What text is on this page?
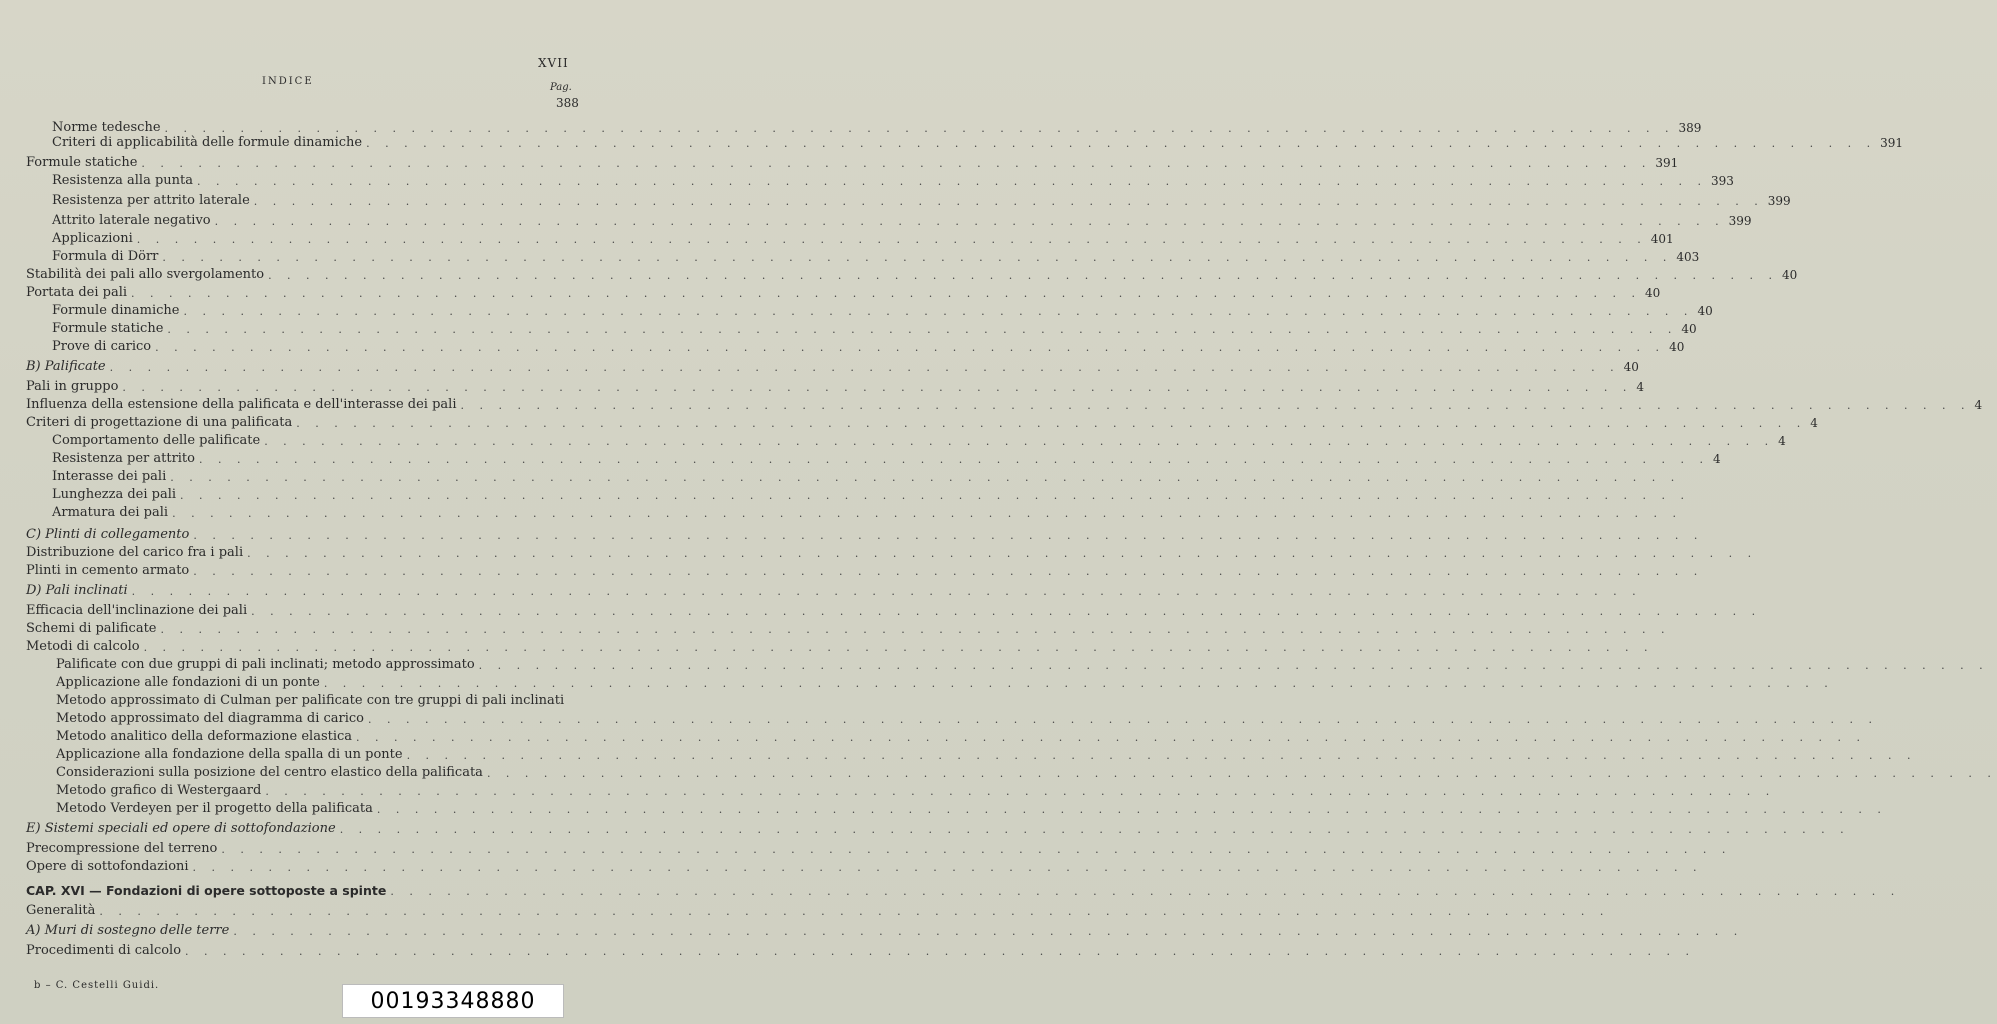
XVII
INDICE
Pag.
388
Norme tedesche . . . . . . . . . . . . . . . . . . . . . . . . . . . . . . . . . . . . . . . . . . . . . . . . . . . . . . . . . . . . . . . . . . . . . . . . . . . . . . . . 389
Criteri di applicabilità delle formule dinamiche . . . . . . . . . . . . . . . . . . . . . . . . . . . . . . . . . . . . . . . . . . . . . . . . . . . . . . . . . . . . . . . . . . . . . . . . . . . . . . . . 391
Formule statiche . . . . . . . . . . . . . . . . . . . . . . . . . . . . . . . . . . . . . . . . . . . . . . . . . . . . . . . . . . . . . . . . . . . . . . . . . . . . . . . . 391
Resistenza alla punta . . . . . . . . . . . . . . . . . . . . . . . . . . . . . . . . . . . . . . . . . . . . . . . . . . . . . . . . . . . . . . . . . . . . . . . . . . . . . . . . 393
Resistenza per attrito laterale . . . . . . . . . . . . . . . . . . . . . . . . . . . . . . . . . . . . . . . . . . . . . . . . . . . . . . . . . . . . . . . . . . . . . . . . . . . . . . . . 399
Attrito laterale negativo . . . . . . . . . . . . . . . . . . . . . . . . . . . . . . . . . . . . . . . . . . . . . . . . . . . . . . . . . . . . . . . . . . . . . . . . . . . . . . . . 399
Applicazioni . . . . . . . . . . . . . . . . . . . . . . . . . . . . . . . . . . . . . . . . . . . . . . . . . . . . . . . . . . . . . . . . . . . . . . . . . . . . . . . . 401
Formula di Dörr . . . . . . . . . . . . . . . . . . . . . . . . . . . . . . . . . . . . . . . . . . . . . . . . . . . . . . . . . . . . . . . . . . . . . . . . . . . . . . . . 403
Stabilità dei pali allo svergolamento . . . . . . . . . . . . . . . . . . . . . . . . . . . . . . . . . . . . . . . . . . . . . . . . . . . . . . . . . . . . . . . . . . . . . . . . . . . . . . . . 40
Portata dei pali . . . . . . . . . . . . . . . . . . . . . . . . . . . . . . . . . . . . . . . . . . . . . . . . . . . . . . . . . . . . . . . . . . . . . . . . . . . . . . . . 40
Formule dinamiche . . . . . . . . . . . . . . . . . . . . . . . . . . . . . . . . . . . . . . . . . . . . . . . . . . . . . . . . . . . . . . . . . . . . . . . . . . . . . . . . 40
Formule statiche . . . . . . . . . . . . . . . . . . . . . . . . . . . . . . . . . . . . . . . . . . . . . . . . . . . . . . . . . . . . . . . . . . . . . . . . . . . . . . . . 40
Prove di carico . . . . . . . . . . . . . . . . . . . . . . . . . . . . . . . . . . . . . . . . . . . . . . . . . . . . . . . . . . . . . . . . . . . . . . . . . . . . . . . . 40
B) Palificate . . . . . . . . . . . . . . . . . . . . . . . . . . . . . . . . . . . . . . . . . . . . . . . . . . . . . . . . . . . . . . . . . . . . . . . . . . . . . . . . 40
Pali in gruppo . . . . . . . . . . . . . . . . . . . . . . . . . . . . . . . . . . . . . . . . . . . . . . . . . . . . . . . . . . . . . . . . . . . . . . . . . . . . . . . . 4
Influenza della estensione della palificata e dell'interasse dei pali . . . . . . . . . . . . . . . . . . . . . . . . . . . . . . . . . . . . . . . . . . . . . . . . . . . . . . . . . . . . . . . . . . . . . . . . . . . . . . . . 4
Criteri di progettazione di una palificata . . . . . . . . . . . . . . . . . . . . . . . . . . . . . . . . . . . . . . . . . . . . . . . . . . . . . . . . . . . . . . . . . . . . . . . . . . . . . . . . 4
Comportamento delle palificate . . . . . . . . . . . . . . . . . . . . . . . . . . . . . . . . . . . . . . . . . . . . . . . . . . . . . . . . . . . . . . . . . . . . . . . . . . . . . . . . 4
Resistenza per attrito . . . . . . . . . . . . . . . . . . . . . . . . . . . . . . . . . . . . . . . . . . . . . . . . . . . . . . . . . . . . . . . . . . . . . . . . . . . . . . . . 4
Interasse dei pali . . . . . . . . . . . . . . . . . . . . . . . . . . . . . . . . . . . . . . . . . . . . . . . . . . . . . . . . . . . . . . . . . . . . . . . . . . . . . . . .
Lunghezza dei pali . . . . . . . . . . . . . . . . . . . . . . . . . . . . . . . . . . . . . . . . . . . . . . . . . . . . . . . . . . . . . . . . . . . . . . . . . . . . . . . .
Armatura dei pali . . . . . . . . . . . . . . . . . . . . . . . . . . . . . . . . . . . . . . . . . . . . . . . . . . . . . . . . . . . . . . . . . . . . . . . . . . . . . . . .
C) Plinti di collegamento . . . . . . . . . . . . . . . . . . . . . . . . . . . . . . . . . . . . . . . . . . . . . . . . . . . . . . . . . . . . . . . . . . . . . . . . . . . . . . . .
Distribuzione del carico fra i pali . . . . . . . . . . . . . . . . . . . . . . . . . . . . . . . . . . . . . . . . . . . . . . . . . . . . . . . . . . . . . . . . . . . . . . . . . . . . . . . .
Plinti in cemento armato . . . . . . . . . . . . . . . . . . . . . . . . . . . . . . . . . . . . . . . . . . . . . . . . . . . . . . . . . . . . . . . . . . . . . . . . . . . . . . . .
D) Pali inclinati . . . . . . . . . . . . . . . . . . . . . . . . . . . . . . . . . . . . . . . . . . . . . . . . . . . . . . . . . . . . . . . . . . . . . . . . . . . . . . . .
Efficacia dell'inclinazione dei pali . . . . . . . . . . . . . . . . . . . . . . . . . . . . . . . . . . . . . . . . . . . . . . . . . . . . . . . . . . . . . . . . . . . . . . . . . . . . . . . .
Schemi di palificate . . . . . . . . . . . . . . . . . . . . . . . . . . . . . . . . . . . . . . . . . . . . . . . . . . . . . . . . . . . . . . . . . . . . . . . . . . . . . . . .
Metodi di calcolo . . . . . . . . . . . . . . . . . . . . . . . . . . . . . . . . . . . . . . . . . . . . . . . . . . . . . . . . . . . . . . . . . . . . . . . . . . . . . . . .
Palificate con due gruppi di pali inclinati; metodo approssimato . . . . . . . . . . . . . . . . . . . . . . . . . . . . . . . . . . . . . . . . . . . . . . . . . . . . . . . . . . . . . . . . . . . . . . . . . . . . . . . .
Applicazione alle fondazioni di un ponte . . . . . . . . . . . . . . . . . . . . . . . . . . . . . . . . . . . . . . . . . . . . . . . . . . . . . . . . . . . . . . . . . . . . . . . . . . . . . . . .
Metodo approssimato di Culman per palificate con tre gruppi di pali inclinati
Metodo approssimato del diagramma di carico . . . . . . . . . . . . . . . . . . . . . . . . . . . . . . . . . . . . . . . . . . . . . . . . . . . . . . . . . . . . . . . . . . . . . . . . . . . . . . . .
Metodo analitico della deformazione elastica . . . . . . . . . . . . . . . . . . . . . . . . . . . . . . . . . . . . . . . . . . . . . . . . . . . . . . . . . . . . . . . . . . . . . . . . . . . . . . . .
Applicazione alla fondazione della spalla di un ponte . . . . . . . . . . . . . . . . . . . . . . . . . . . . . . . . . . . . . . . . . . . . . . . . . . . . . . . . . . . . . . . . . . . . . . . . . . . . . . . .
Considerazioni sulla posizione del centro elastico della palificata . . . . . . . . . . . . . . . . . . . . . . . . . . . . . . . . . . . . . . . . . . . . . . . . . . . . . . . . . . . . . . . . . . . . . . . . . . . . . . . .
Metodo grafico di Westergaard . . . . . . . . . . . . . . . . . . . . . . . . . . . . . . . . . . . . . . . . . . . . . . . . . . . . . . . . . . . . . . . . . . . . . . . . . . . . . . . .
Metodo Verdeyen per il progetto della palificata . . . . . . . . . . . . . . . . . . . . . . . . . . . . . . . . . . . . . . . . . . . . . . . . . . . . . . . . . . . . . . . . . . . . . . . . . . . . . . . .
E) Sistemi speciali ed opere di sottofondazione . . . . . . . . . . . . . . . . . . . . . . . . . . . . . . . . . . . . . . . . . . . . . . . . . . . . . . . . . . . . . . . . . . . . . . . . . . . . . . . .
Precompressione del terreno . . . . . . . . . . . . . . . . . . . . . . . . . . . . . . . . . . . . . . . . . . . . . . . . . . . . . . . . . . . . . . . . . . . . . . . . . . . . . . . .
Opere di sottofondazioni . . . . . . . . . . . . . . . . . . . . . . . . . . . . . . . . . . . . . . . . . . . . . . . . . . . . . . . . . . . . . . . . . . . . . . . . . . . . . . . .
CAP. XVI — Fondazioni di opere sottoposte a spinte . . . . . . . . . . . . . . . . . . . . . . . . . . . . . . . . . . . . . . . . . . . . . . . . . . . . . . . . . . . . . . . . . . . . . . . . . . . . . . . .
Generalità . . . . . . . . . . . . . . . . . . . . . . . . . . . . . . . . . . . . . . . . . . . . . . . . . . . . . . . . . . . . . . . . . . . . . . . . . . . . . . . .
A) Muri di sostegno delle terre . . . . . . . . . . . . . . . . . . . . . . . . . . . . . . . . . . . . . . . . . . . . . . . . . . . . . . . . . . . . . . . . . . . . . . . . . . . . . . . .
Procedimenti di calcolo . . . . . . . . . . . . . . . . . . . . . . . . . . . . . . . . . . . . . . . . . . . . . . . . . . . . . . . . . . . . . . . . . . . . . . . . . . . . . . . .
b – C. Cestelli Guidi.
00193348880
